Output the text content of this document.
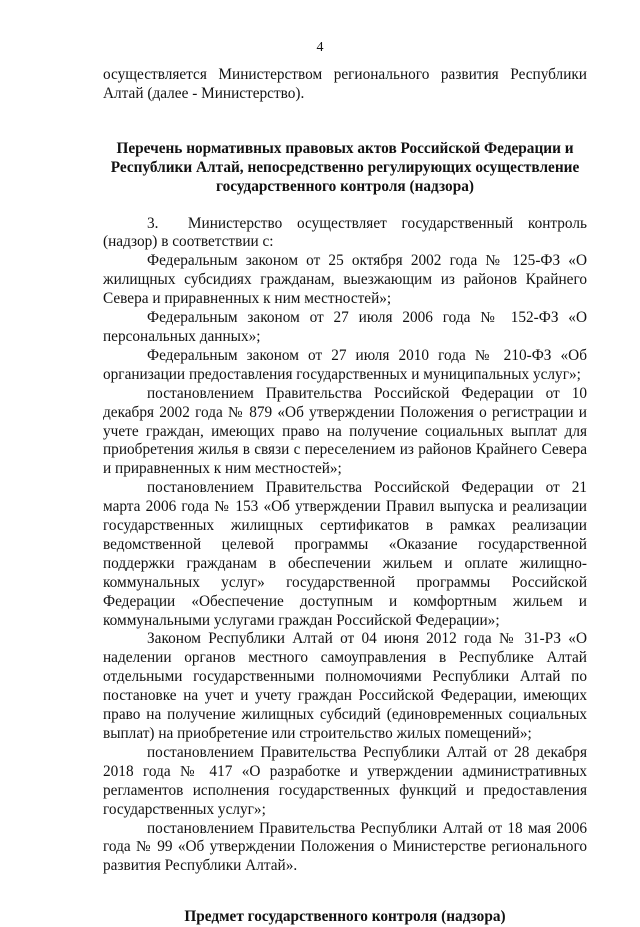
4

осуществляется Министерством регионального развития Республики Алтай (далее - Министерство).

Перечень нормативных правовых актов Российской Федерации и Республики Алтай, непосредственно регулирующих осуществление государственного контроля (надзора)

3.  Министерство осуществляет государственный контроль (надзор) в соответствии с:

Федеральным законом от 25 октября 2002 года № 125-ФЗ «О жилищных субсидиях гражданам, выезжающим из районов Крайнего Севера и приравненных к ним местностей»;

Федеральным законом от 27 июля 2006 года № 152-ФЗ «О персональных данных»;

Федеральным законом от 27 июля 2010 года № 210-ФЗ «Об организации предоставления государственных и муниципальных услуг»;

постановлением Правительства Российской Федерации от 10 декабря 2002 года № 879 «Об утверждении Положения о регистрации и учете граждан, имеющих право на получение социальных выплат для приобретения жилья в связи с переселением из районов Крайнего Севера и приравненных к ним местностей»;

постановлением Правительства Российской Федерации от 21 марта 2006 года № 153 «Об утверждении Правил выпуска и реализации государственных жилищных сертификатов в рамках реализации ведомственной целевой программы «Оказание государственной поддержки гражданам в обеспечении жильем и оплате жилищно-коммунальных услуг» государственной программы Российской Федерации «Обеспечение доступным и комфортным жильем и коммунальными услугами граждан Российской Федерации»;

Законом Республики Алтай от 04 июня 2012 года № 31-РЗ «О наделении органов местного самоуправления в Республике Алтай отдельными государственными полномочиями Республики Алтай по постановке на учет и учету граждан Российской Федерации, имеющих право на получение жилищных субсидий (единовременных социальных выплат) на приобретение или строительство жилых помещений»;

постановлением Правительства Республики Алтай от 28 декабря 2018 года № 417 «О разработке и утверждении административных регламентов исполнения государственных функций и предоставления государственных услуг»;

постановлением Правительства Республики Алтай от 18 мая 2006 года № 99 «Об утверждении Положения о Министерстве регионального развития Республики Алтай».

Предмет государственного контроля (надзора)
